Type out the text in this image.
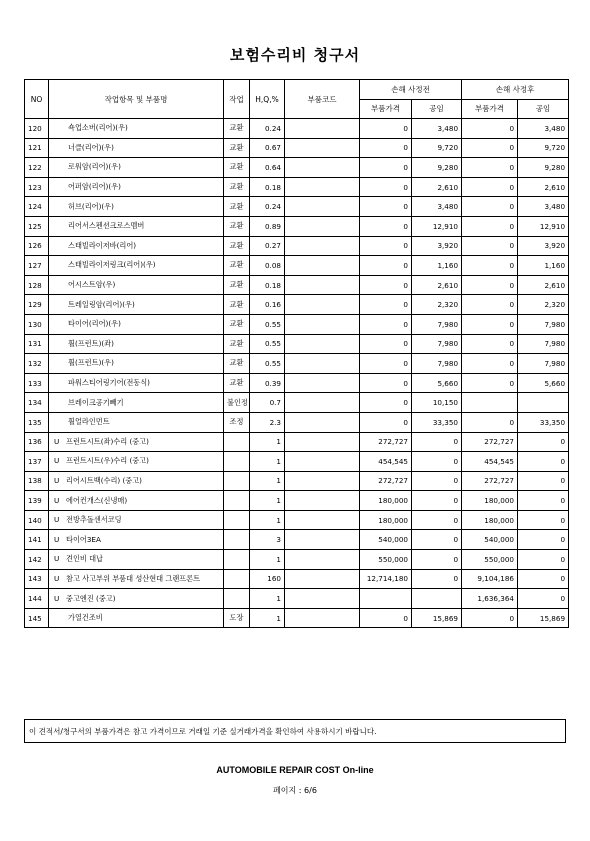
보험수리비 청구서
NO	작업항목 및 부품명	작업	H,Q,%	부품코드	손해 사정전		손해 사정후	
					부품가격	공임	부품가격	공임
120	쇽업소버(리어)(우)	교환	0.24		0	3,480	0	3,480
121	너클(리어)(우)	교환	0.67		0	9,720	0	9,720
122	로워암(리어)(우)	교환	0.64		0	9,280	0	9,280
123	어퍼암(리어)(우)	교환	0.18		0	2,610	0	2,610
124	허브(리어)(우)	교환	0.24		0	3,480	0	3,480
125	리어서스펜션크로스멤버	교환	0.89		0	12,910	0	12,910
126	스태빌라이저바(리어)	교환	0.27		0	3,920	0	3,920
127	스태빌라이저링크(리어)(우)	교환	0.08		0	1,160	0	1,160
128	어시스트암(우)	교환	0.18		0	2,610	0	2,610
129	트레일링암(리어)(우)	교환	0.16		0	2,320	0	2,320
130	타이어(리어)(우)	교환	0.55		0	7,980	0	7,980
131	휠(프런트)(좌)	교환	0.55		0	7,980	0	7,980
132	휠(프런트)(우)	교환	0.55		0	7,980	0	7,980
133	파워스티어링기어(전동식)	교환	0.39		0	5,660	0	5,660
134	브레이크공기빼기	불인정	0.7		0	10,150		
135	휠얼라인먼트	조정	2.3		0	33,350	0	33,350
136	U 프런트시트(좌)수리 (중고)		1		272,727	0	272,727	0
137	U 프런트시트(우)수리 (중고)		1		454,545	0	454,545	0
138	U 리어시트백(수리) (중고)		1		272,727	0	272,727	0
139	U 에어컨개스(신냉매)		1		180,000	0	180,000	0
140	U 전방추돌센서코딩		1		180,000	0	180,000	0
141	U 타이어3EA		3		540,000	0	540,000	0
142	U 견인비 대납		1		550,000	0	550,000	0
143	U 참고 사고부위 부품대 성산현대 그랜프론트		160		12,714,180	0	9,104,186	0
144	U 중고엔진 (중고)		1				1,636,364	0
145	가열건조비	도장	1		0	15,869	0	15,869
이 견적서/청구서의 부품가격은 참고 가격이므로 거래일 기준 실거래가격을 확인하여 사용하시기 바랍니다.
AUTOMOBILE REPAIR COST On-line
페이지 : 6/6
